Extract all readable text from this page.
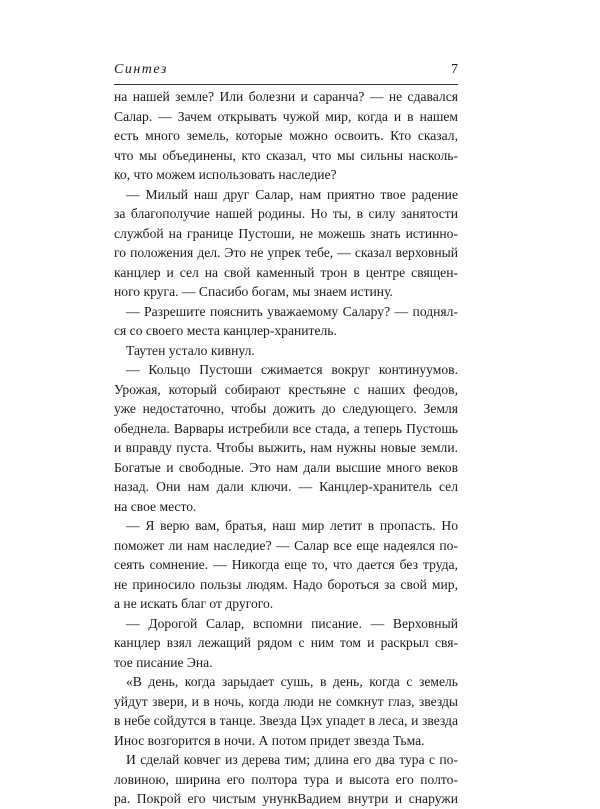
Синтез	7
на нашей земле? Или болезни и саранча? — не сдавался
Салар. — Зачем открывать чужой мир, когда и в нашем
есть много земель, которые можно освоить. Кто сказал,
что мы объединены, кто сказал, что мы сильны насколь-
ко, что можем использовать наследие?
— Милый наш друг Салар, нам приятно твое радение
за благополучие нашей родины. Но ты, в силу занятости
службой на границе Пустоши, не можешь знать истинно-
го положения дел. Это не упрек тебе, — сказал верховный
канцлер и сел на свой каменный трон в центре священ-
ного круга. — Спасибо богам, мы знаем истину.
— Разрешите пояснить уважаемому Салару? — поднял-
ся со своего места канцлер-хранитель.
Таутен устало кивнул.
— Кольцо Пустоши сжимается вокруг континуумов.
Урожая, который собирают крестьяне с наших феодов,
уже недостаточно, чтобы дожить до следующего. Земля
обеднела. Варвары истребили все стада, а теперь Пустошь
и вправду пуста. Чтобы выжить, нам нужны новые земли.
Богатые и свободные. Это нам дали высшие много веков
назад. Они нам дали ключи. — Канцлер-хранитель сел
на свое место.
— Я верю вам, братья, наш мир летит в пропасть. Но
поможет ли нам наследие? — Салар все еще надеялся по-
сеять сомнение. — Никогда еще то, что дается без труда,
не приносило пользы людям. Надо бороться за свой мир,
а не искать благ от другого.
— Дорогой Салар, вспомни писание. — Верховный
канцлер взял лежащий рядом с ним том и раскрыл свя-
тое писание Эна.
«В день, когда зарыдает сушь, в день, когда с земель
уйдут звери, и в ночь, когда люди не сомкнут глаз, звезды
в небе сойдутся в танце. Звезда Цэх упадет в леса, и звезда
Инос возгорится в ночи. А потом придет звезда Тьма.
И сделай ковчег из дерева тим; длина его два тура с по-
ловиною, ширина его полтора тура и высота его полто-
ра. Покрой его чистым унункВадием внутри и снаружи
